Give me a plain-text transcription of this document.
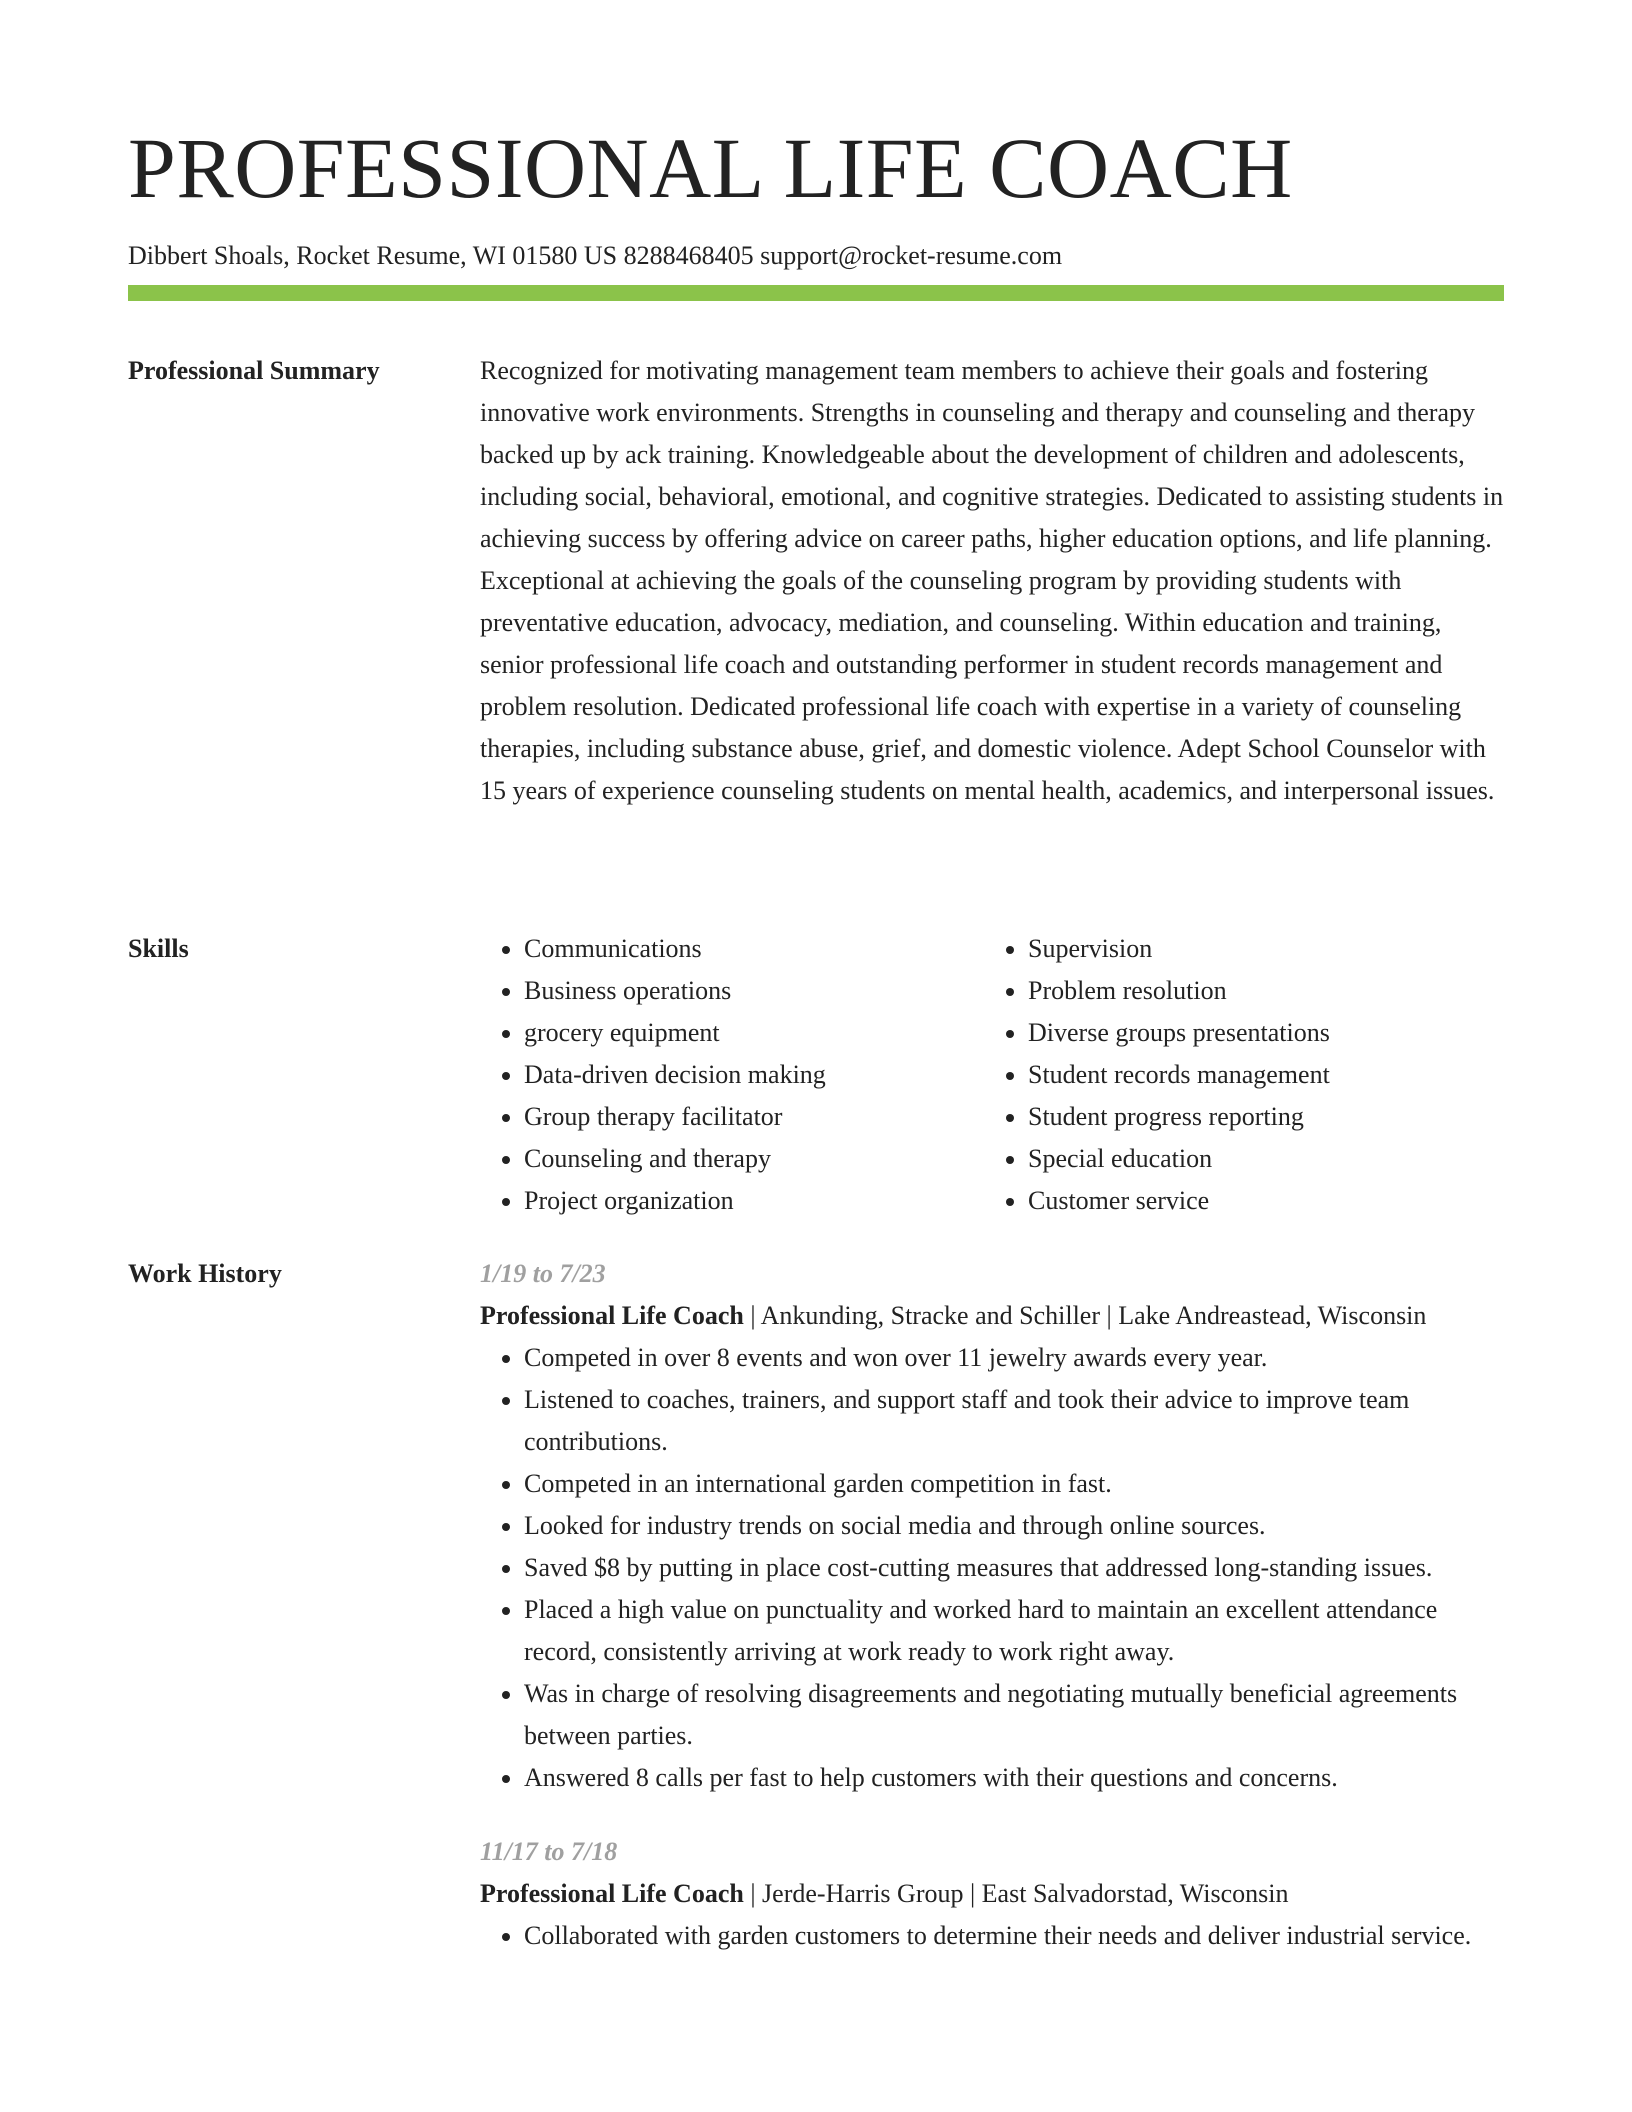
PROFESSIONAL LIFE COACH
Dibbert Shoals, Rocket Resume, WI 01580 US 8288468405 support@rocket-resume.com
Professional Summary	Recognized for motivating management team members to achieve their goals and fostering innovative work environments. Strengths in counseling and therapy and counseling and therapy backed up by ack training. Knowledgeable about the development of children and adolescents, including social, behavioral, emotional, and cognitive strategies. Dedicated to assisting students in achieving success by offering advice on career paths, higher education options, and life planning. Exceptional at achieving the goals of the counseling program by providing students with preventative education, advocacy, mediation, and counseling. Within education and training, senior professional life coach and outstanding performer in student records management and problem resolution. Dedicated professional life coach with expertise in a variety of counseling therapies, including substance abuse, grief, and domestic violence. Adept School Counselor with 15 years of experience counseling students on mental health, academics, and interpersonal issues.
Skills
•	Communications
• Business operations
• grocery equipment
• Data-driven decision making
• Group therapy facilitator
• Counseling and therapy
• Project organization
• Supervision
• Problem resolution
• Diverse groups presentations
• Student records management
• Student progress reporting
• Special education
• Customer service
Work History	1/19 to 7/23
Professional Life Coach | Ankunding, Stracke and Schiller | Lake Andreastead, Wisconsin
• Competed in over 8 events and won over 11 jewelry awards every year.
• Listened to coaches, trainers, and support staff and took their advice to improve team contributions.
• Competed in an international garden competition in fast.
• Looked for industry trends on social media and through online sources.
• Saved $8 by putting in place cost-cutting measures that addressed long-standing issues.
• Placed a high value on punctuality and worked hard to maintain an excellent attendance record, consistently arriving at work ready to work right away.
• Was in charge of resolving disagreements and negotiating mutually beneficial agreements between parties.
• Answered 8 calls per fast to help customers with their questions and concerns.
11/17 to 7/18
Professional Life Coach | Jerde-Harris Group | East Salvadorstad, Wisconsin
• Collaborated with garden customers to determine their needs and deliver industrial service.
